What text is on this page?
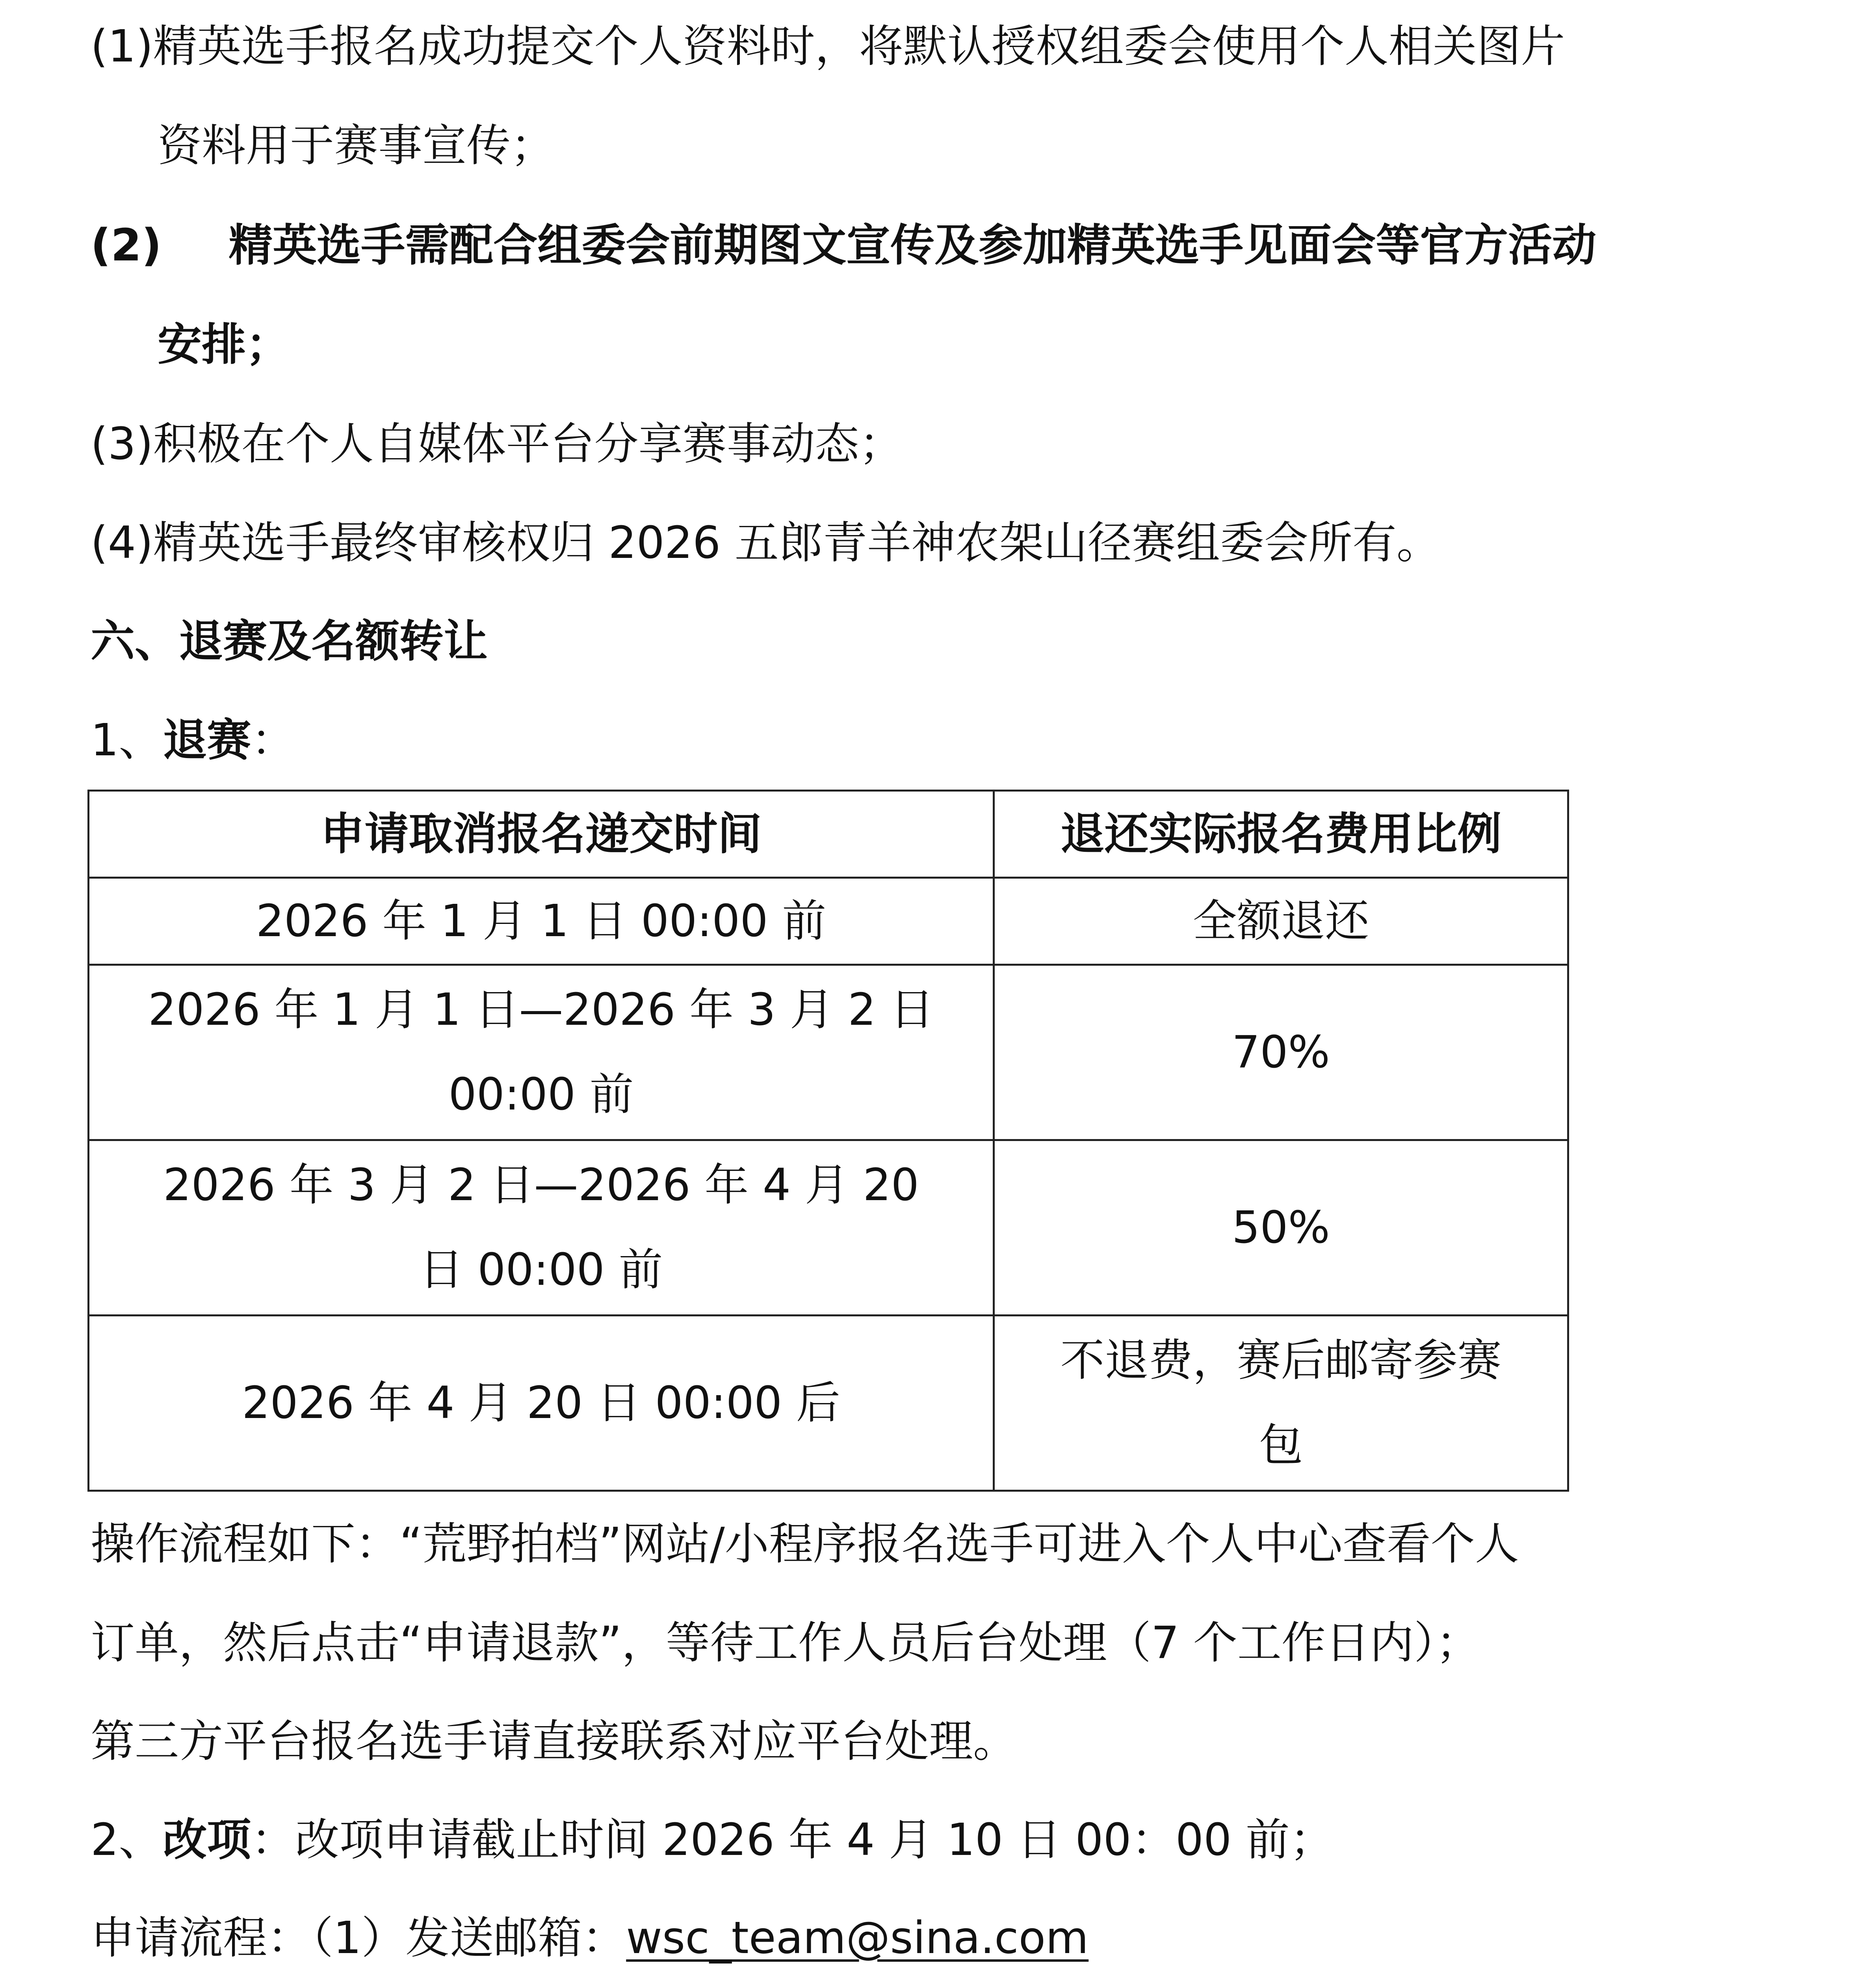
(1)精英选手报名成功提交个人资料时，将默认授权组委会使用个人相关图片
资料用于赛事宣传；
(2) 精英选手需配合组委会前期图文宣传及参加精英选手见面会等官方活动
安排；
(3)积极在个人自媒体平台分享赛事动态；
(4)精英选手最终审核权归 2026 五郎青羊神农架山径赛组委会所有。
六、退赛及名额转让
1、退赛：
申请取消报名递交时间	退还实际报名费用比例

2026 年 1 月 1 日 00:00 前	全额退还

2026 年 1 月 1 日—2026 年 3 月 2 日
00:00 前	70%

2026 年 3 月 2 日—2026 年 4 月 20
日 00:00 前	50%

2026 年 4 月 20 日 00:00 后	不退费，赛后邮寄参赛
包
操作流程如下：“荒野拍档”网站/小程序报名选手可进入个人中心查看个人
订单，然后点击“申请退款”，等待工作人员后台处理（7 个工作日内）；
第三方平台报名选手请直接联系对应平台处理。
2、改项：改项申请截止时间 2026 年 4 月 10 日 00：00 前；
申请流程：（1）发送邮箱：wsc_team@sina.com
